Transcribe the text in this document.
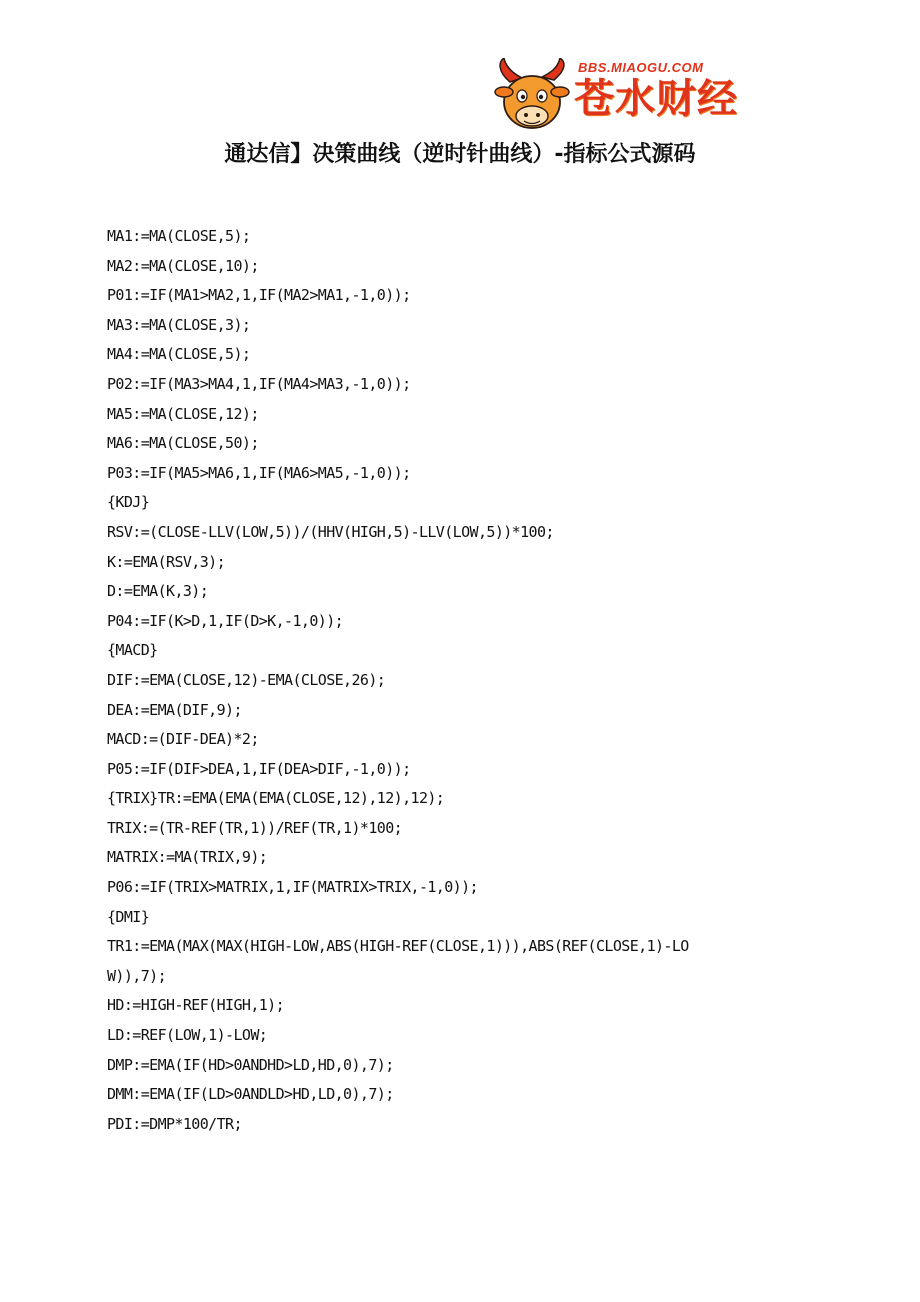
BBS.MIAOGU.COM
苍水财经
通达信】决策曲线（逆时针曲线）-指标公式源码
MA1:=MA(CLOSE,5);
MA2:=MA(CLOSE,10);
P01:=IF(MA1>MA2,1,IF(MA2>MA1,-1,0));
MA3:=MA(CLOSE,3);
MA4:=MA(CLOSE,5);
P02:=IF(MA3>MA4,1,IF(MA4>MA3,-1,0));
MA5:=MA(CLOSE,12);
MA6:=MA(CLOSE,50);
P03:=IF(MA5>MA6,1,IF(MA6>MA5,-1,0));
{KDJ}
RSV:=(CLOSE-LLV(LOW,5))/(HHV(HIGH,5)-LLV(LOW,5))*100;
K:=EMA(RSV,3);
D:=EMA(K,3);
P04:=IF(K>D,1,IF(D>K,-1,0));
{MACD}
DIF:=EMA(CLOSE,12)-EMA(CLOSE,26);
DEA:=EMA(DIF,9);
MACD:=(DIF-DEA)*2;
P05:=IF(DIF>DEA,1,IF(DEA>DIF,-1,0));
{TRIX}TR:=EMA(EMA(EMA(CLOSE,12),12),12);
TRIX:=(TR-REF(TR,1))/REF(TR,1)*100;
MATRIX:=MA(TRIX,9);
P06:=IF(TRIX>MATRIX,1,IF(MATRIX>TRIX,-1,0));
{DMI}
TR1:=EMA(MAX(MAX(HIGH-LOW,ABS(HIGH-REF(CLOSE,1))),ABS(REF(CLOSE,1)-LO
W)),7);
HD:=HIGH-REF(HIGH,1);
LD:=REF(LOW,1)-LOW;
DMP:=EMA(IF(HD>0ANDHD>LD,HD,0),7);
DMM:=EMA(IF(LD>0ANDLD>HD,LD,0),7);
PDI:=DMP*100/TR;
